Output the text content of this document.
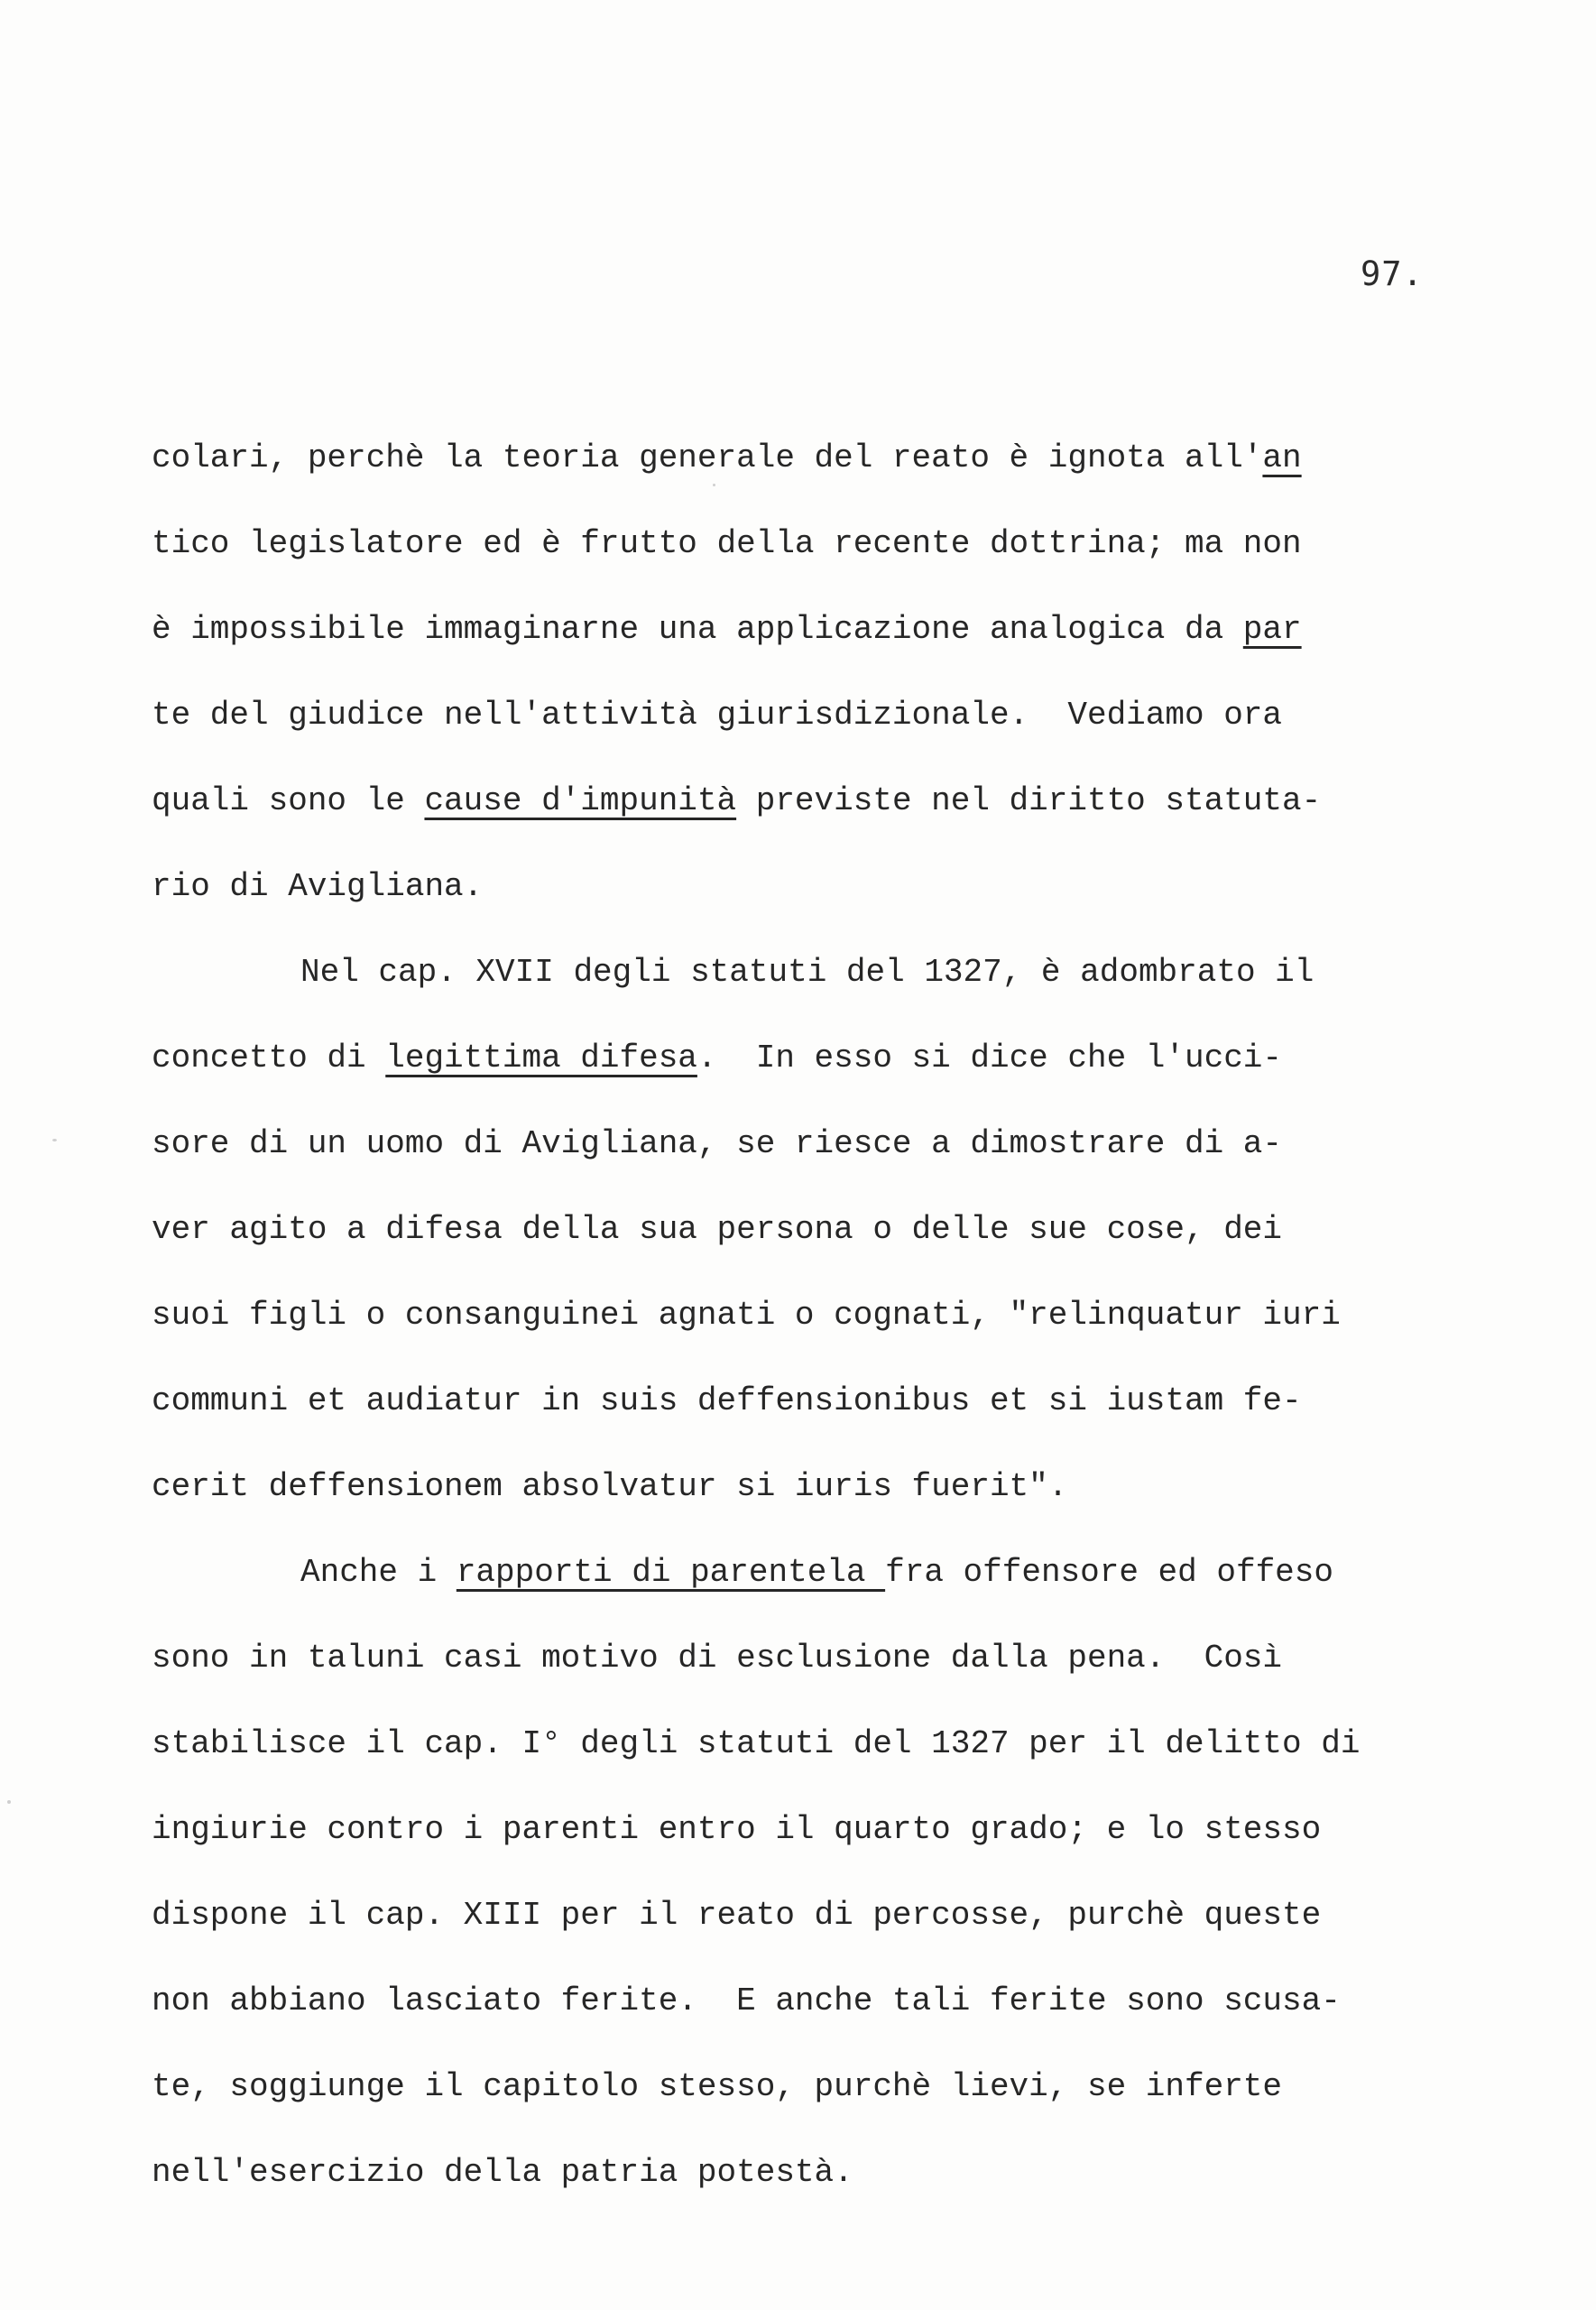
97.
colari, perchè la teoria generale del reato è ignota all'an
tico legislatore ed è frutto della recente dottrina; ma non
è impossibile immaginarne una applicazione analogica da par
te del giudice nell'attività giurisdizionale.  Vediamo ora
quali sono le cause d'impunità previste nel diritto statuta-
rio di Avigliana.
Nel cap. XVII degli statuti del 1327, è adombrato il
concetto di legittima difesa.  In esso si dice che l'ucci-
sore di un uomo di Avigliana, se riesce a dimostrare di a-
ver agito a difesa della sua persona o delle sue cose, dei
suoi figli o consanguinei agnati o cognati, "relinquatur iuri
communi et audiatur in suis deffensionibus et si iustam fe-
cerit deffensionem absolvatur si iuris fuerit".
Anche i rapporti di parentela fra offensore ed offeso
sono in taluni casi motivo di esclusione dalla pena.  Così
stabilisce il cap. I° degli statuti del 1327 per il delitto di
ingiurie contro i parenti entro il quarto grado; e lo stesso
dispone il cap. XIII per il reato di percosse, purchè queste
non abbiano lasciato ferite.  E anche tali ferite sono scusa-
te, soggiunge il capitolo stesso, purchè lievi, se inferte
nell'esercizio della patria potestà.
